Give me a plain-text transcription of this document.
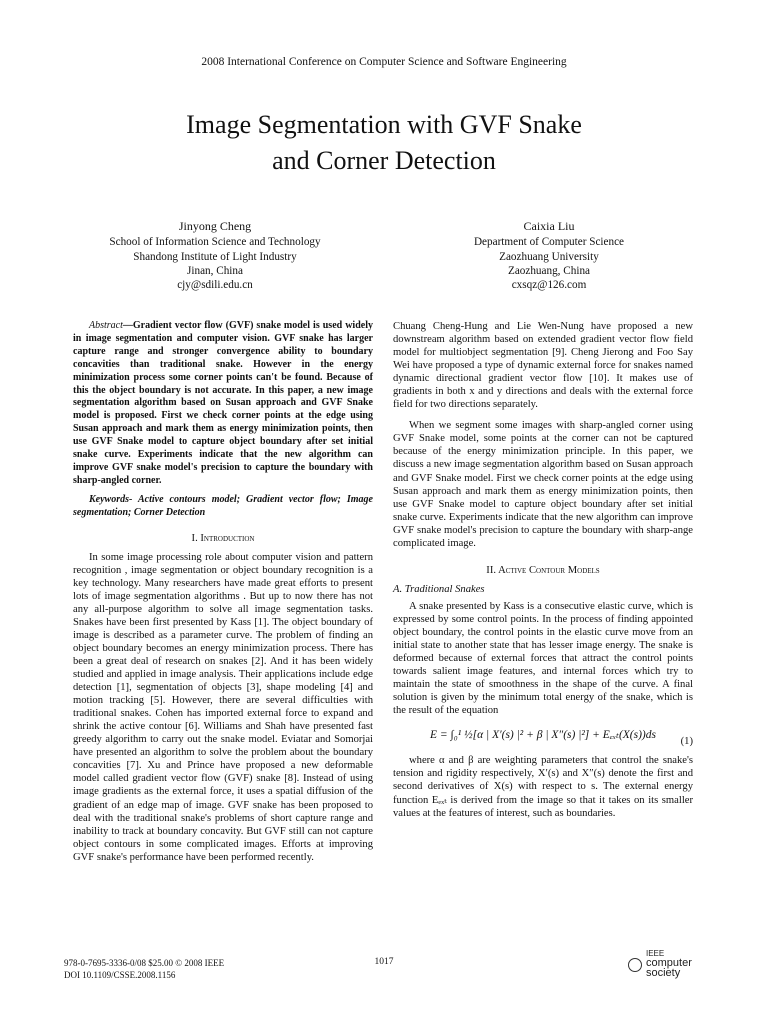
2008 International Conference on Computer Science and Software Engineering
Image Segmentation with GVF Snake
and Corner Detection
Jinyong Cheng
School of Information Science and Technology
Shandong Institute of Light Industry
Jinan, China
cjy@sdili.edu.cn
Caixia Liu
Department of Computer Science
Zaozhuang University
Zaozhuang, China
cxsqz@126.com

Abstract—Gradient vector flow (GVF) snake model is used widely in image segmentation and computer vision. GVF snake has larger capture range and stronger convergence ability to boundary concavities than traditional snake. However in the energy minimization process some corner points can't be found. Because of this the object boundary is not accurate. In this paper, a new image segmentation algorithm based on Susan approach and GVF Snake model is proposed. First we check corner points at the edge using Susan approach and mark them as energy minimization points, then use GVF Snake model to capture object boundary after set initial snake curve. Experiments indicate that the new algorithm can improve GVF snake model's precision to capture the boundary with sharp-angled corner.

Keywords- Active contours model; Gradient vector flow; Image segmentation; Corner Detection

I. Introduction

In some image processing role about computer vision and pattern recognition , image segmentation or object boundary recognition is a key technology. Many researchers have made great efforts to present lots of image segmentation algorithms . But up to now there has not any all-purpose algorithm to solve all image segmentation tasks. Snakes have been first presented by Kass [1]. The object boundary of image is described as a parameter curve. The problem of finding an object boundary becomes an energy minimization process. There has been a great deal of research on snakes [2]. And it has been widely studied and applied in image analysis. Their applications include edge detection [1], segmentation of objects [3], shape modeling [4] and motion tracking [5]. However, there are several difficulties with traditional snakes. Cohen has imported external force to expand and shrink the active contour [6]. Williams and Shah have presented fast greedy algorithm to carry out the snake model. Eviatar and Somorjai have presented an algorithm to solve the problem about the boundary concavities [7]. Xu and Prince have proposed a new deformable model called gradient vector flow (GVF) snake [8]. Instead of using image gradients as the external force, it uses a spatial diffusion of the gradient of an edge map of image. GVF snake has been proposed to deal with the traditional snake's problems of short capture range and inability to track at boundary concavity. But GVF still can not capture object contours in some complicated images. Efforts at improving GVF snake's performance have been performed recently.

Chuang Cheng-Hung and Lie Wen-Nung have proposed a new downstream algorithm based on extended gradient vector flow field model for multiobject segmentation [9]. Cheng Jierong and Foo Say Wei have proposed a type of dynamic external force for snakes named dynamic directional gradient vector flow [10]. It makes use of gradients in both x and y directions and deals with the external force field for two directions separately.

When we segment some images with sharp-angled corner using GVF Snake model, some points at the corner can not be captured because of the energy minimization principle. In this paper, we discuss a new image segmentation algorithm based on Susan approach and GVF Snake model. First we check corner points at the edge using Susan approach and mark them as energy minimization points, then use GVF Snake model to capture object boundary after set initial snake curve. Experiments indicate that the new algorithm can improve GVF snake model's precision to capture the boundary with sharp-ange complicated image.

II. Active Contour Models
A. Traditional Snakes

A snake presented by Kass is a consecutive elastic curve, which is expressed by some control points. In the process of finding appointed object boundary, the control points in the elastic curve move from an initial state to another state that has lesser image energy. The snake is deformed because of external forces that attract the control points towards salient image features, and internal forces which try to maintain the state of smoothness in the shape of the curve. A final solution is given by the minimum total energy of the snake, which is the result of the equation

E = ∫₀¹ ½[α | X′(s) |² + β | X″(s) |²] + Eₑₓₜ(X(s))ds
(1)

where α and β are weighting parameters that control the snake's tension and rigidity respectively, X′(s) and X″(s) denote the first and second derivatives of X(s) with respect to s. The external energy function Eₑₓₜ is derived from the image so that it takes on its smaller values at the features of interest, such as boundaries.

978-0-7695-3336-0/08 $25.00 © 2008 IEEE
DOI 10.1109/CSSE.2008.1156
1017
IEEE
computer society
